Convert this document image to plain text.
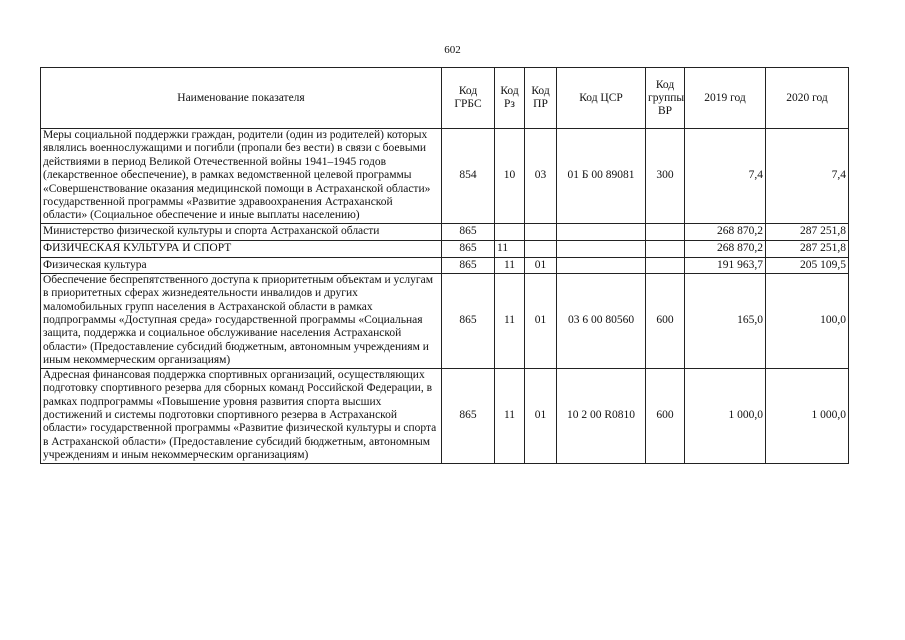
602
Наименование показателя	Код ГРБС	Код Рз	Код ПР	Код ЦСР	Код группы ВР	2019 год	2020 год
Меры социальной поддержки граждан, родители (один из родителей) которых являлись военнослужащими и погибли (пропали без вести) в связи с боевыми действиями в период Великой Отечественной войны 1941–1945 годов (лекарственное обеспечение), в рамках ведомственной целевой программы «Совершенствование оказания медицинской помощи в Астраханской области» государственной программы «Развитие здравоохранения Астраханской области» (Социальное обеспечение и иные выплаты населению)	854	10	03	01 Б 00 89081	300	7,4	7,4
Министерство физической культуры и спорта Астраханской области	865					268 870,2	287 251,8
ФИЗИЧЕСКАЯ КУЛЬТУРА И СПОРТ	865	11				268 870,2	287 251,8
Физическая культура	865	11	01			191 963,7	205 109,5
Обеспечение беспрепятственного доступа к приоритетным объектам и услугам в приоритетных сферах жизнедеятельности инвалидов и других маломобильных групп населения в Астраханской области в рамках подпрограммы «Доступная среда» государственной программы «Социальная защита, поддержка и социальное обслуживание населения Астраханской области» (Предоставление субсидий бюджетным, автономным учреждениям и иным некоммерческим организациям)	865	11	01	03 6 00 80560	600	165,0	100,0
Адресная финансовая поддержка спортивных организаций, осуществляющих подготовку спортивного резерва для сборных команд Российской Федерации, в рамках подпрограммы «Повышение уровня развития спорта высших достижений и системы подготовки спортивного резерва в Астраханской области» государственной программы «Развитие физической культуры и спорта в Астраханской области» (Предоставление субсидий бюджетным, автономным учреждениям и иным некоммерческим организациям)	865	11	01	10 2 00 R0810	600	1 000,0	1 000,0
